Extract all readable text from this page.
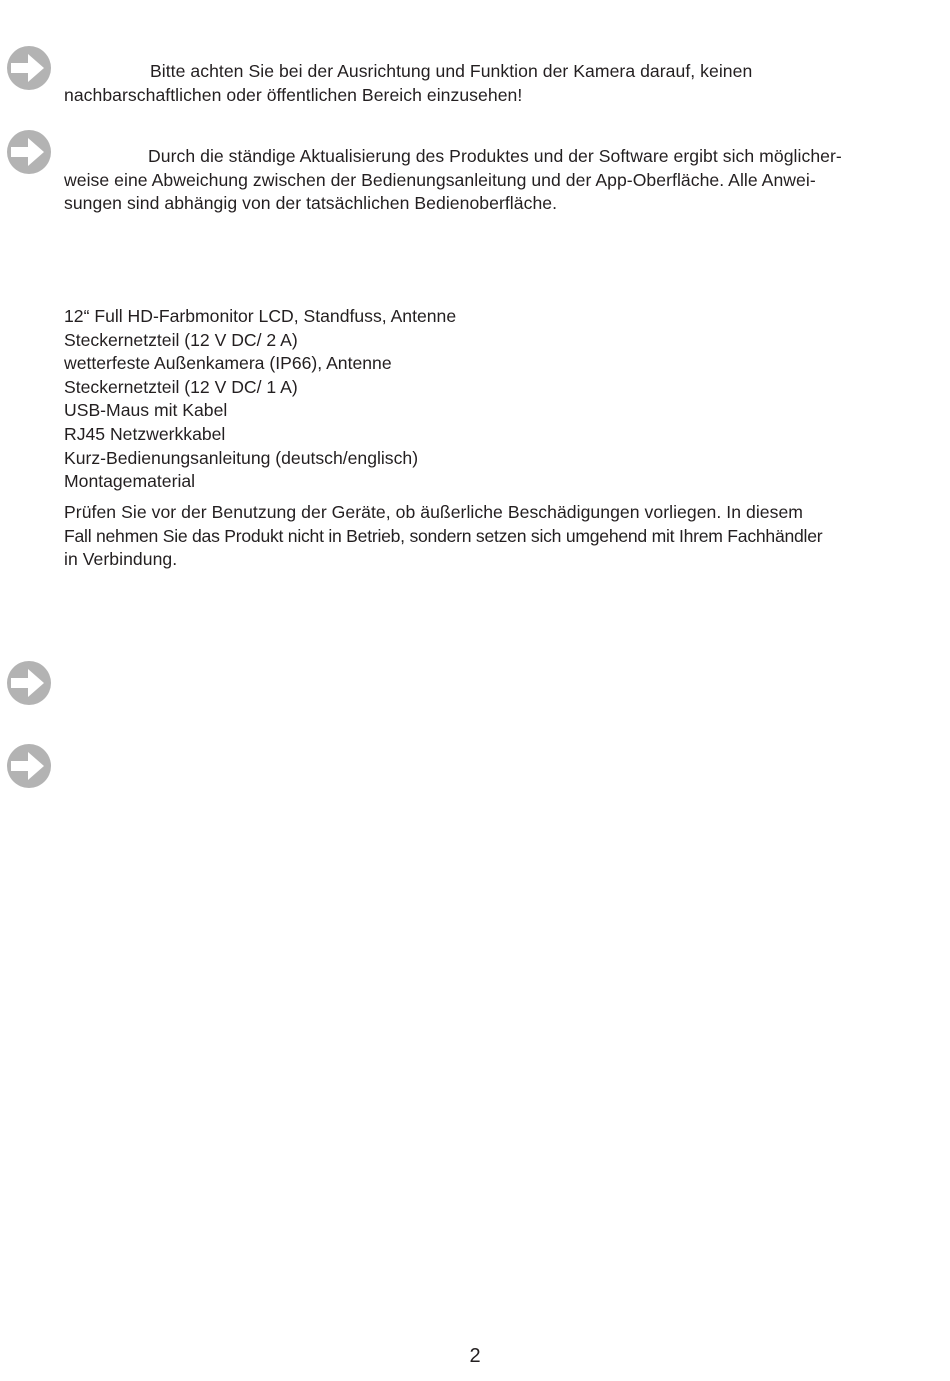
Bitte achten Sie bei der Ausrichtung und Funktion der Kamera darauf, keinen
nachbarschaftlichen oder öffentlichen Bereich einzusehen!

Durch die ständige Aktualisierung des Produktes und der Software ergibt sich möglicher-
weise eine Abweichung zwischen der Bedienungsanleitung und der App-Oberfläche. Alle Anwei-
sungen sind abhängig von der tatsächlichen Bedienoberfläche.

12“ Full HD-Farbmonitor LCD, Standfuss, Antenne
Steckernetzteil (12 V DC/ 2 A)
wetterfeste Außenkamera (IP66), Antenne
Steckernetzteil (12 V DC/ 1 A)
USB-Maus mit Kabel
RJ45 Netzwerkkabel
Kurz-Bedienungsanleitung (deutsch/englisch)
Montagematerial

Prüfen Sie vor der Benutzung der Geräte, ob äußerliche Beschädigungen vorliegen. In diesem
Fall nehmen Sie das Produkt nicht in Betrieb, sondern setzen sich umgehend mit Ihrem Fachhändler
in Verbindung.

2
